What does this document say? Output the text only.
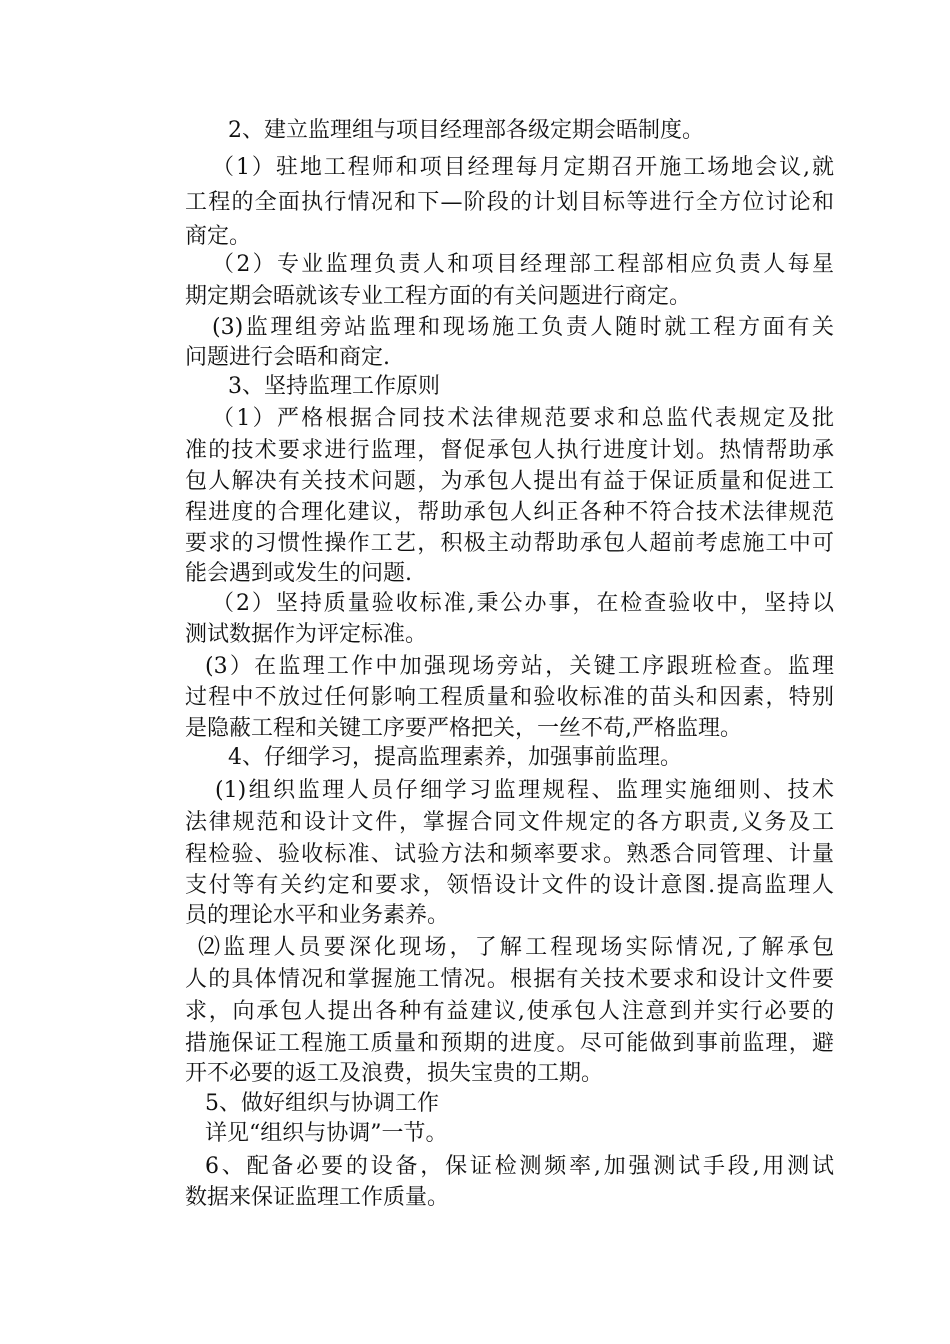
2、建立监理组与项目经理部各级定期会晤制度。

（1）驻地工程师和项目经理每月定期召开施工场地会议,就

工程的全面执行情况和下—阶段的计划目标等进行全方位讨论和

商定。

（2）专业监理负责人和项目经理部工程部相应负责人每星

期定期会晤就该专业工程方面的有关问题进行商定。

(3)监理组旁站监理和现场施工负责人随时就工程方面有关

问题进行会晤和商定.

3、坚持监理工作原则

（1）严格根据合同技术法律规范要求和总监代表规定及批

准的技术要求进行监理，督促承包人执行进度计划。热情帮助承

包人解决有关技术问题，为承包人提出有益于保证质量和促进工

程进度的合理化建议，帮助承包人纠正各种不符合技术法律规范

要求的习惯性操作工艺，积极主动帮助承包人超前考虑施工中可

能会遇到或发生的问题.

（2）坚持质量验收标准,秉公办事，在检查验收中，坚持以

测试数据作为评定标准。

(3）在监理工作中加强现场旁站，关键工序跟班检查。监理

过程中不放过任何影响工程质量和验收标准的苗头和因素，特别

是隐蔽工程和关键工序要严格把关，一丝不苟,严格监理。

4、仔细学习，提高监理素养，加强事前监理。

(1)组织监理人员仔细学习监理规程、监理实施细则、技术

法律规范和设计文件，掌握合同文件规定的各方职责,义务及工

程检验、验收标准、试验方法和频率要求。熟悉合同管理、计量

支付等有关约定和要求，领悟设计文件的设计意图.提高监理人

员的理论水平和业务素养。

⑵监理人员要深化现场，了解工程现场实际情况,了解承包

人的具体情况和掌握施工情况。根据有关技术要求和设计文件要

求，向承包人提出各种有益建议,使承包人注意到并实行必要的

措施保证工程施工质量和预期的进度。尽可能做到事前监理，避

开不必要的返工及浪费，损失宝贵的工期。

5、做好组织与协调工作

详见“组织与协调”一节。

6、配备必要的设备，保证检测频率,加强测试手段,用测试

数据来保证监理工作质量。
